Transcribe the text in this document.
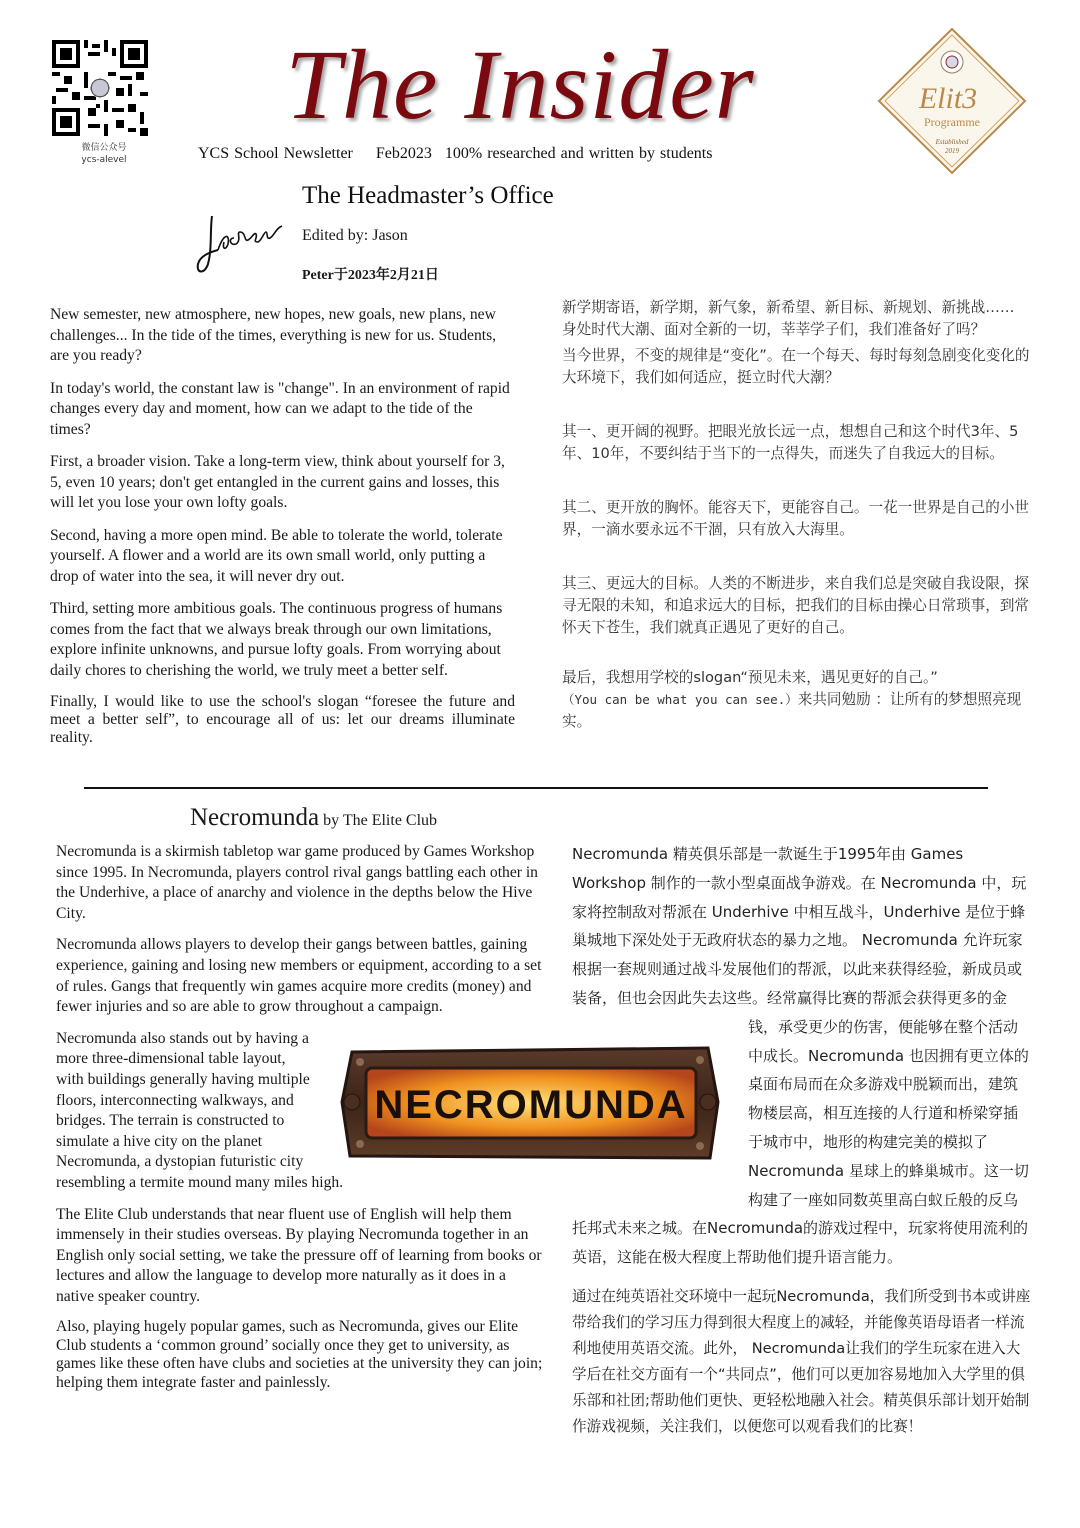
微信公众号
ycs-alevel
The Insider
YCS School Newsletter Feb2023 100% researched and written by students
Elit3
Programme
Established
2019
The Headmaster’s Office
Edited by: Jason
Peter于2023年2月21日

New semester, new atmosphere, new hopes, new goals, new plans, new challenges... In the tide of the times, everything is new for us. Students, are you ready?

In today's world, the constant law is "change". In an environment of rapid changes every day and moment, how can we adapt to the tide of the times?

First, a broader vision. Take a long-term view, think about yourself for 3, 5, even 10 years; don't get entangled in the current gains and losses, this will let you lose your own lofty goals.

Second, having a more open mind. Be able to tolerate the world, tolerate yourself. A flower and a world are its own small world, only putting a drop of water into the sea, it will never dry out.

Third, setting more ambitious goals. The continuous progress of humans comes from the fact that we always break through our own limitations, explore infinite unknowns, and pursue lofty goals. From worrying about daily chores to cherishing the world, we truly meet a better self.

Finally, I would like to use the school's slogan “foresee the future and meet a better self”, to encourage all of us: let our dreams illuminate reality.

新学期寄语，新学期，新气象，新希望、新目标、新规划、新挑战…… 身处时代大潮、面对全新的一切，莘莘学子们，我们准备好了吗？

当今世界，不变的规律是“变化”。在一个每天、每时每刻急剧变化变化的大环境下，我们如何适应，挺立时代大潮？

其一、更开阔的视野。把眼光放长远一点，想想自己和这个时代3年、5年、10年，不要纠结于当下的一点得失，而迷失了自我远大的目标。

其二、更开放的胸怀。能容天下，更能容自己。一花一世界是自己的小世界，一滴水要永远不干涸，只有放入大海里。

其三、更远大的目标。人类的不断进步，来自我们总是突破自我设限，探寻无限的未知，和追求远大的目标，把我们的目标由操心日常琐事，到常怀天下苍生，我们就真正遇见了更好的自己。

最后，我想用学校的slogan“预见未来，遇见更好的自己。”
（You can be what you can see.）来共同勉励 ：让所有的梦想照亮现实。

Necromunda by The Elite Club

Necromunda is a skirmish tabletop war game produced by Games Workshop since 1995. In Necromunda, players control rival gangs battling each other in the Underhive, a place of anarchy and violence in the depths below the Hive City.

Necromunda allows players to develop their gangs between battles, gaining experience, gaining and losing new members or equipment, according to a set of rules. Gangs that frequently win games acquire more credits (money) and fewer injuries and so are able to grow throughout a campaign.

Necromunda also stands out by having a more three-dimensional table layout, with buildings generally having multiple floors, interconnecting walkways, and bridges. The terrain is constructed to simulate a hive city on the planet Necromunda, a dystopian futuristic city resembling a termite mound many miles high.

The Elite Club understands that near fluent use of English will help them immensely in their studies overseas. By playing Necromunda together in an English only social setting, we take the pressure off of learning from books or lectures and allow the language to develop more naturally as it does in a native speaker country.

Also, playing hugely popular games, such as Necromunda, gives our Elite Club students a ‘common ground’ socially once they get to university, as games like these often have clubs and societies at the university they can join; helping them integrate faster and painlessly.

NECROMUNDA

Necromunda 精英俱乐部是一款诞生于1995年由 Games Workshop 制作的一款小型桌面战争游戏。在 Necromunda 中，玩家将控制敌对帮派在 Underhive 中相互战斗，Underhive 是位于蜂巢城地下深处处于无政府状态的暴力之地。 Necromunda 允许玩家根据一套规则通过战斗发展他们的帮派，以此来获得经验，新成员或装备，但也会因此失去这些。经常赢得比赛的帮派会获得更多的金钱，承受更少的伤害，便能够在整个活动中成长。Necromunda 也因拥有更立体的桌面布局而在众多游戏中脱颖而出，建筑物楼层高，相互连接的人行道和桥梁穿插于城市中，地形的构建完美的模拟了 Necromunda 星球上的蜂巢城市。这一切构建了一座如同数英里高白蚁丘般的反乌托邦式未来之城。在Necromunda的游戏过程中，玩家将使用流利的英语，这能在极大程度上帮助他们提升语言能力。

通过在纯英语社交环境中一起玩Necromunda，我们所受到书本或讲座带给我们的学习压力得到很大程度上的减轻，并能像英语母语者一样流利地使用英语交流。此外， Necromunda让我们的学生玩家在进入大学后在社交方面有一个“共同点”，他们可以更加容易地加入大学里的俱乐部和社团;帮助他们更快、更轻松地融入社会。精英俱乐部计划开始制作游戏视频，关注我们，以便您可以观看我们的比赛！
